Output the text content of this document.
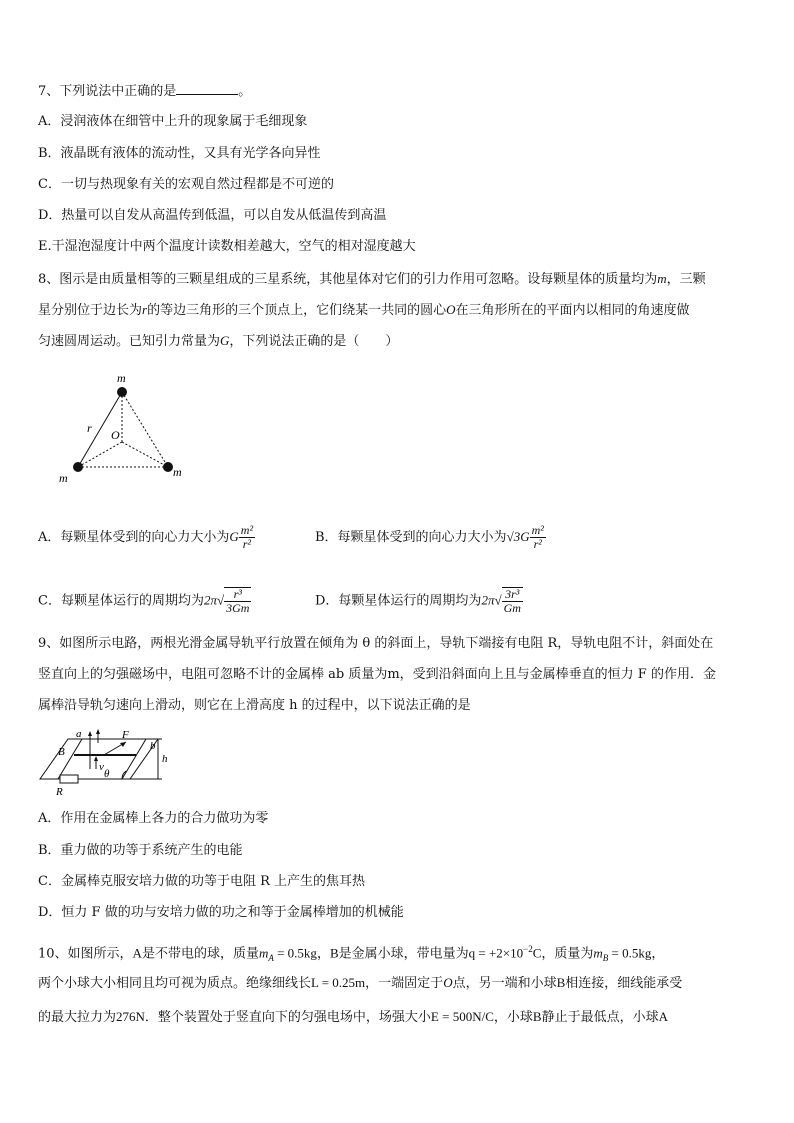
7、下列说法中正确的是	。
A．浸润液体在细管中上升的现象属于毛细现象
B．液晶既有液体的流动性，又具有光学各向异性
C．一切与热现象有关的宏观自然过程都是不可逆的
D．热量可以自发从高温传到低温，可以自发从低温传到高温
E.干湿泡湿度计中两个温度计读数相差越大，空气的相对湿度越大
8、图示是由质量相等的三颗星组成的三星系统，其他星体对它们的引力作用可忽略。设每颗星体的质量均为m，三颗
星分别位于边长为r的等边三角形的三个顶点上，它们绕某一共同的圆心O在三角形所在的平面内以相同的角速度做
匀速圆周运动。已知引力常量为G，下列说法正确的是（　　）
m
m	m
r O
A．每颗星体受到的向心力大小为G $\frac{\text{m²}}{\text{r²}}$	B．每颗星体受到的向心力大小为$√3G \frac{\text{m²}}{\text{r²}}$
C．每颗星体运行的周期均为$2\pi√ \frac{\text{r³}}{3Gm}$	D．每颗星体运行的周期均为$2\pi√ \frac{\text{3r³}}{Gm}$
9、如图所示电路，两根光滑金属导轨平行放置在倾角为 θ 的斜面上，导轨下端接有电阻 R，导轨电阻不计，斜面处在
竖直向上的匀强磁场中，电阻可忽略不计的金属棒 ab 质量为m，受到沿斜面向上且与金属棒垂直的恒力 F 的作用．金
属棒沿导轨匀速向上滑动，则它在上滑高度 h 的过程中，以下说法正确的是
a	F
b
B
v
h
θ
R
A．作用在金属棒上各力的合力做功为零
B．重力做的功等于系统产生的电能
C．金属棒克服安培力做的功等于电阻 R 上产生的焦耳热
D．恒力 F 做的功与安培力做的功之和等于金属棒增加的机械能
10、如图所示，A是不带电的球，质量$m_A = 0.5kg$，B是金属小球，带电量为$q = +2\times 10^{-2}C$，质量为$m_B = 0.5kg$，
两个小球大小相同且均可视为质点。绝缘细线长L = 0.25m，一端固定于O点，另一端和小球B相连接，细线能承受
的最大拉力为276N．整个装置处于竖直向下的匀强电场中，场强大小E = 500N/C，小球B静止于最低点，小球A
